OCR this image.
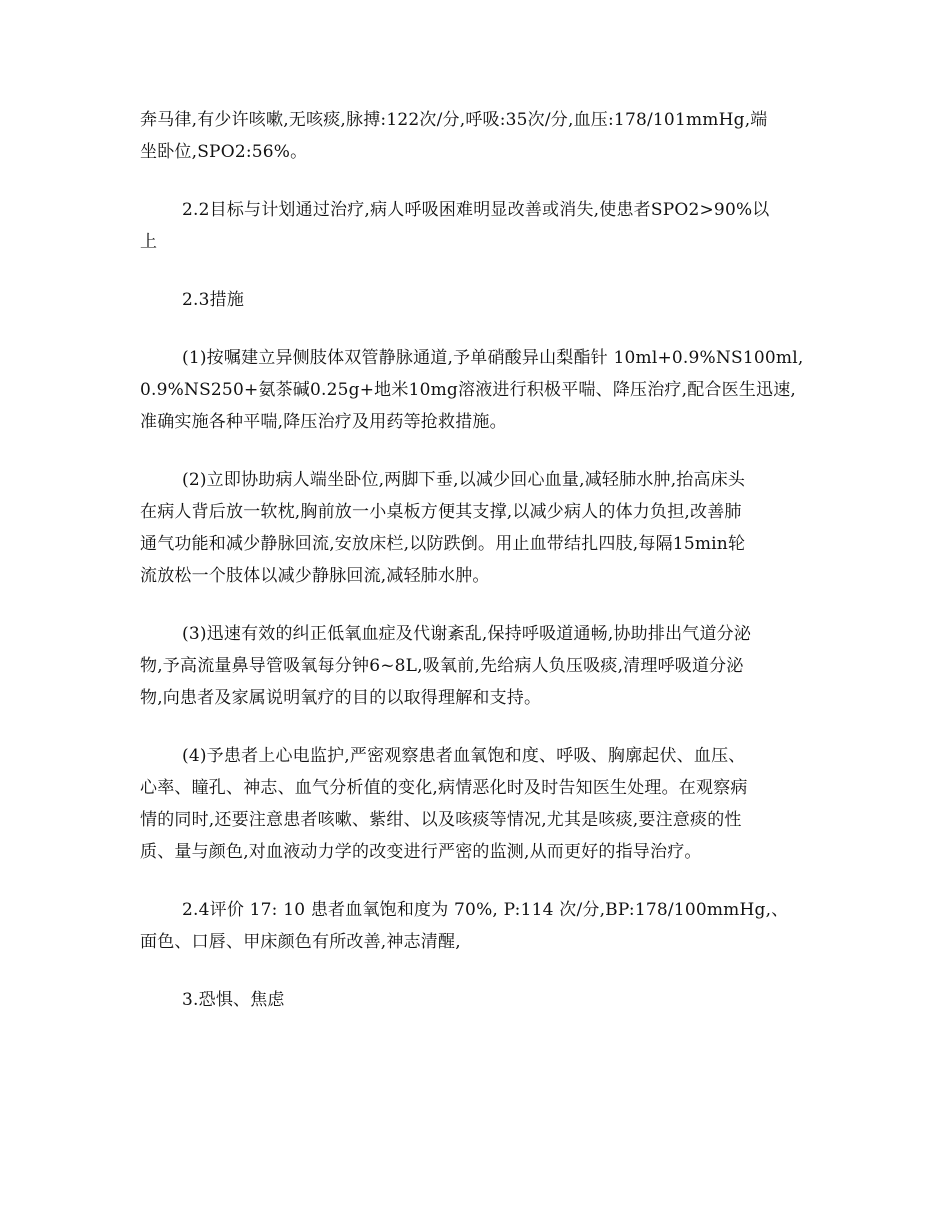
奔马律,有少许咳嗽,无咳痰,脉搏:122次/分,呼吸:35次/分,血压:178/101mmHg,端
坐卧位,SPO2:56%。

2.2目标与计划通过治疗,病人呼吸困难明显改善或消失,使患者SPO2>90%以
上

2.3措施

(1)按嘱建立异侧肢体双管静脉通道,予单硝酸异山梨酯针 10ml+0.9%NS100ml,
0.9%NS250+氨茶碱0.25g+地米10mg溶液进行积极平喘、降压治疗,配合医生迅速,
准确实施各种平喘,降压治疗及用药等抢救措施。

(2)立即协助病人端坐卧位,两脚下垂,以减少回心血量,减轻肺水肿,抬高床头
在病人背后放一软枕,胸前放一小桌板方便其支撑,以减少病人的体力负担,改善肺
通气功能和减少静脉回流,安放床栏,以防跌倒。用止血带结扎四肢,每隔15min轮
流放松一个肢体以减少静脉回流,减轻肺水肿。

(3)迅速有效的纠正低氧血症及代谢紊乱,保持呼吸道通畅,协助排出气道分泌
物,予高流量鼻导管吸氧每分钟6~8L,吸氧前,先给病人负压吸痰,清理呼吸道分泌
物,向患者及家属说明氧疗的目的以取得理解和支持。

(4)予患者上心电监护,严密观察患者血氧饱和度、呼吸、胸廓起伏、血压、
心率、瞳孔、神志、血气分析值的变化,病情恶化时及时告知医生处理。在观察病
情的同时,还要注意患者咳嗽、紫绀、以及咳痰等情况,尤其是咳痰,要注意痰的性
质、量与颜色,对血液动力学的改变进行严密的监测,从而更好的指导治疗。

2.4评价 17: 10 患者血氧饱和度为 70%, P:114 次/分,BP:178/100mmHg,、
面色、口唇、甲床颜色有所改善,神志清醒,

3.恐惧、焦虑
